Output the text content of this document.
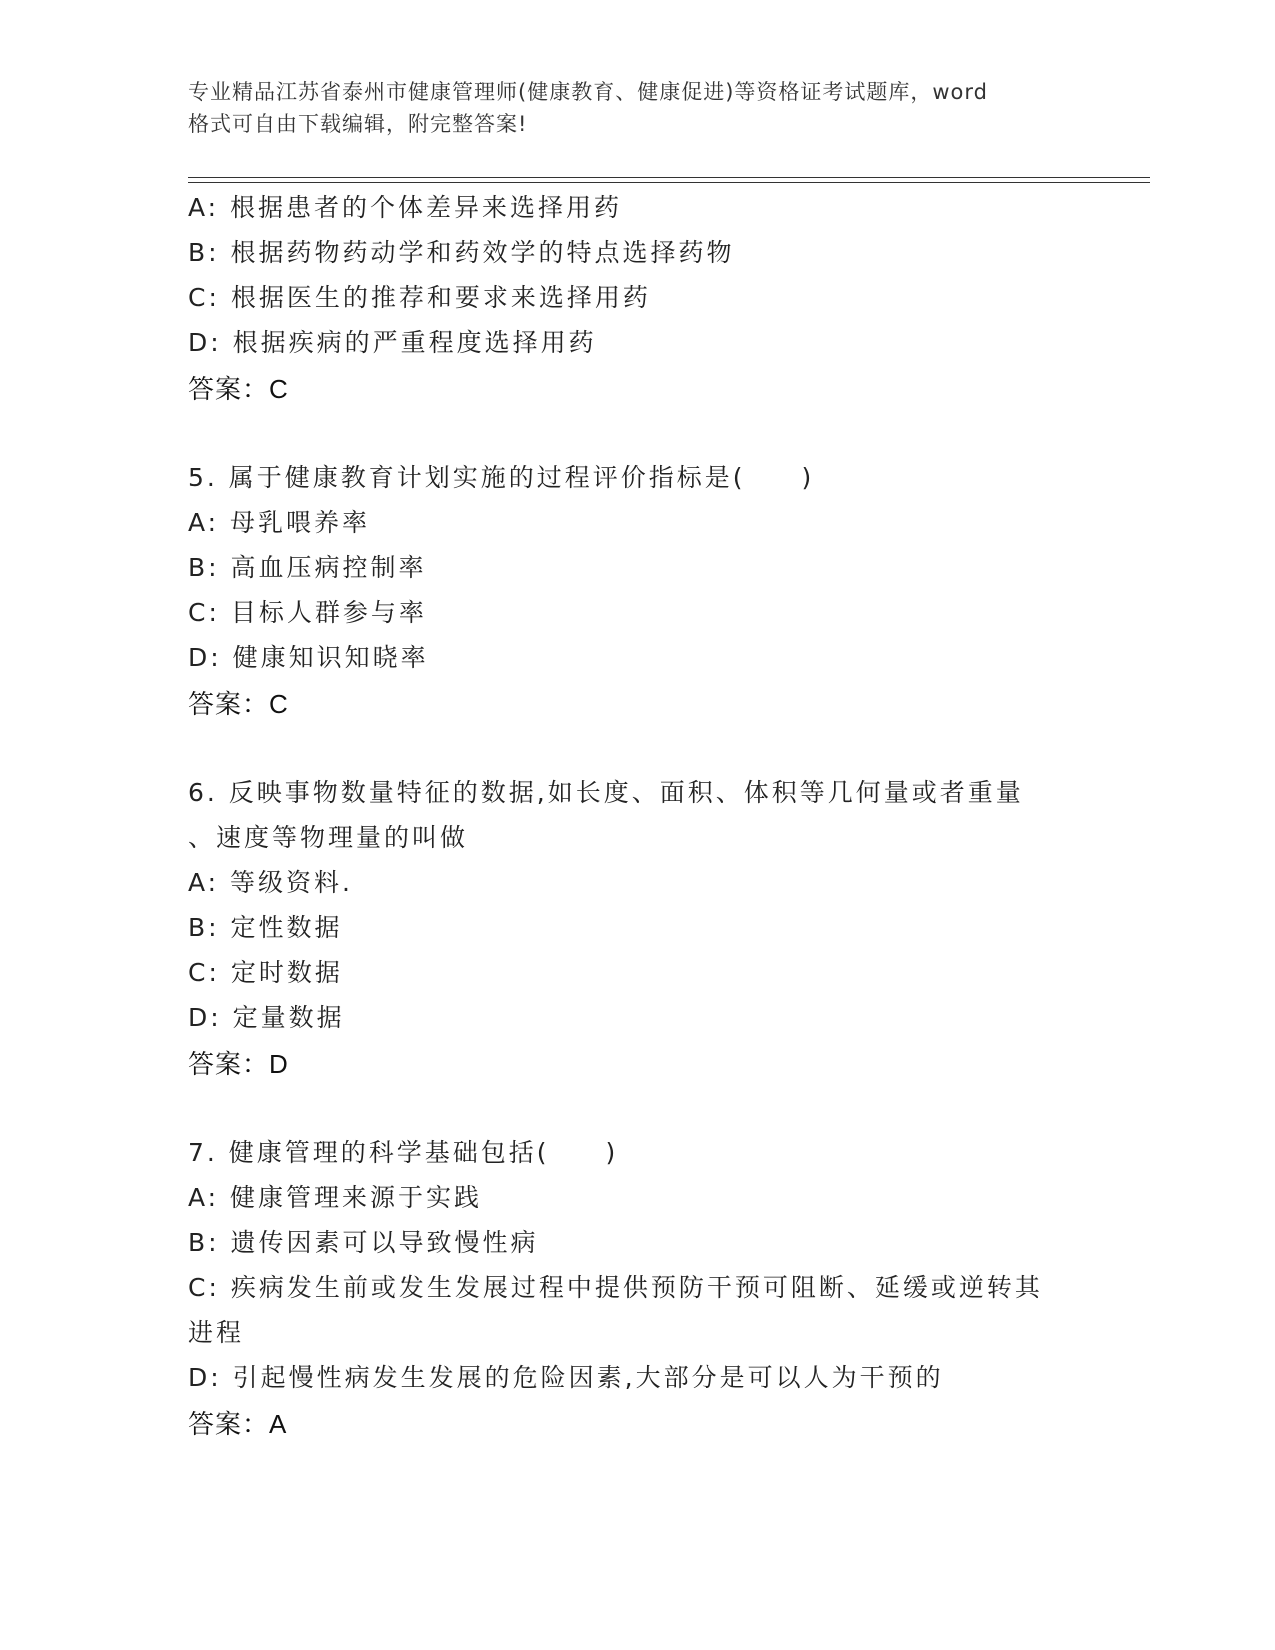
专业精品江苏省泰州市健康管理师(健康教育、健康促进)等资格证考试题库，word
格式可自由下载编辑，附完整答案!
A: 根据患者的个体差异来选择用药
B: 根据药物药动学和药效学的特点选择药物
C: 根据医生的推荐和要求来选择用药
D: 根据疾病的严重程度选择用药
答案：C
5. 属于健康教育计划实施的过程评价指标是(　　)
A: 母乳喂养率
B: 高血压病控制率
C: 目标人群参与率
D: 健康知识知晓率
答案：C
6. 反映事物数量特征的数据,如长度、面积、体积等几何量或者重量
、速度等物理量的叫做
A: 等级资料.
B: 定性数据
C: 定时数据
D: 定量数据
答案：D
7. 健康管理的科学基础包括(　　)
A: 健康管理来源于实践
B: 遗传因素可以导致慢性病
C: 疾病发生前或发生发展过程中提供预防干预可阻断、延缓或逆转其
进程
D: 引起慢性病发生发展的危险因素,大部分是可以人为干预的
答案：A
